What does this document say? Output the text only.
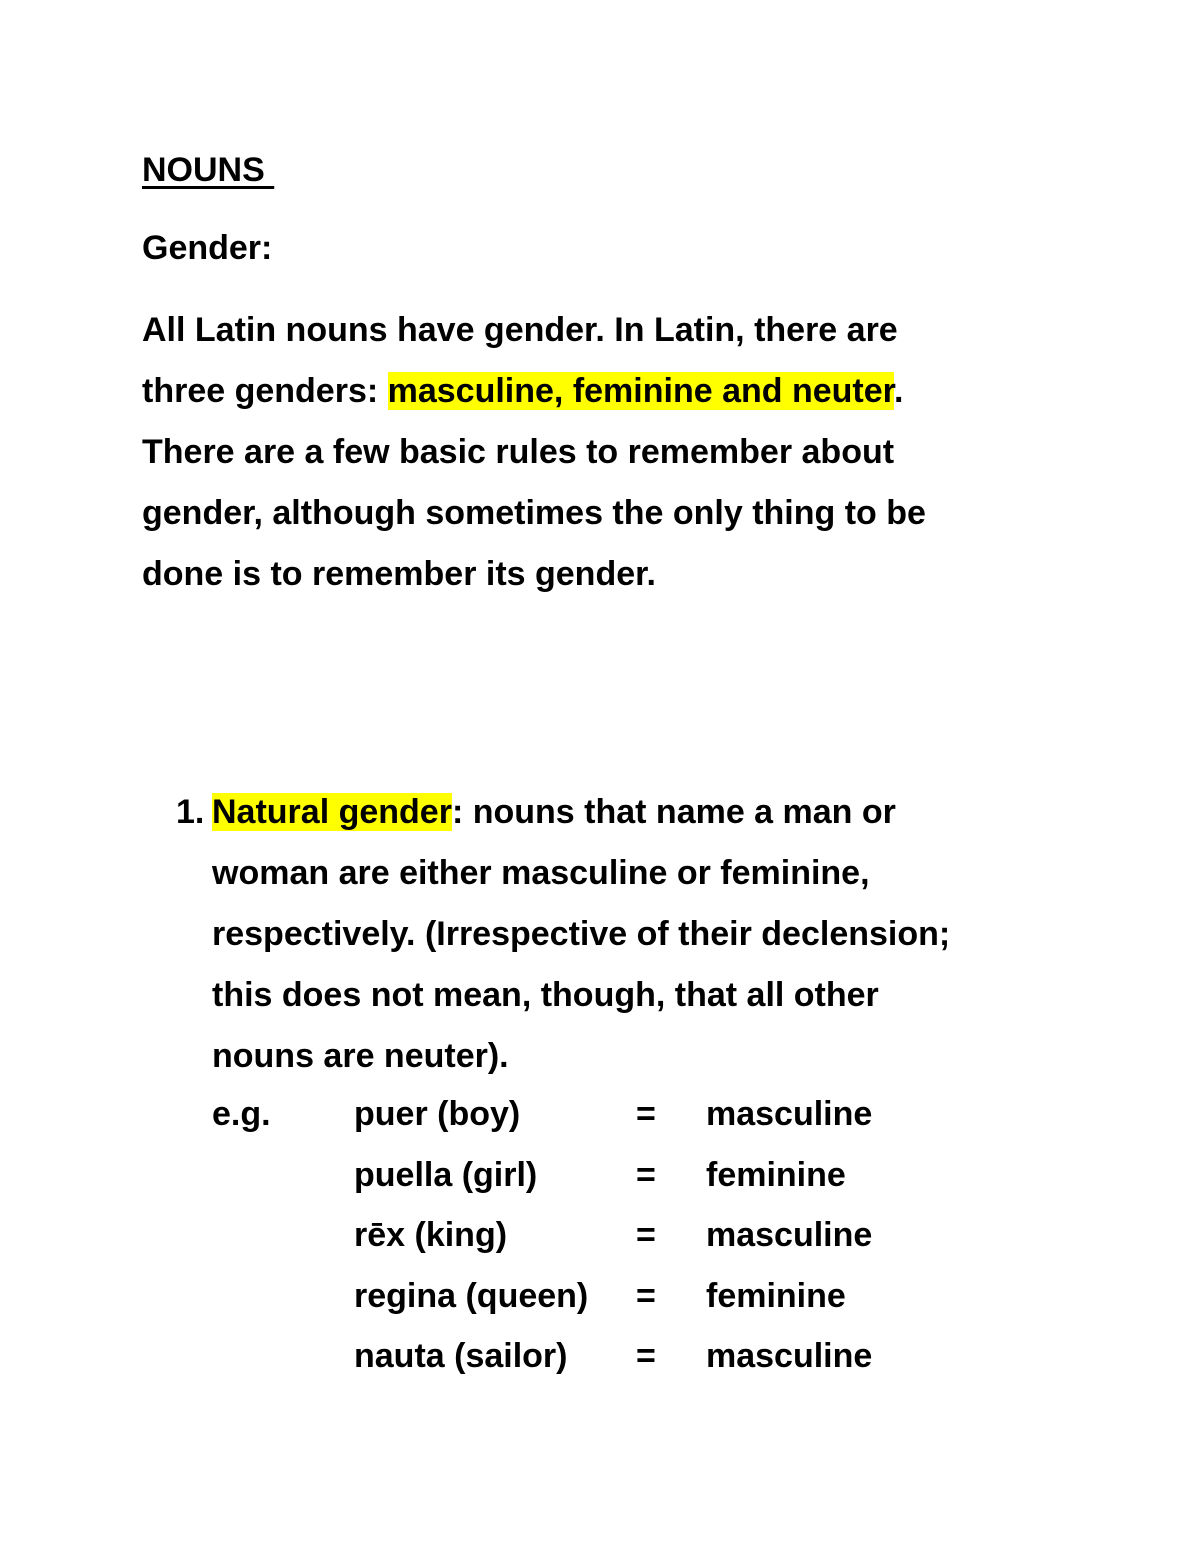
NOUNS
Gender:
All Latin nouns have gender. In Latin, there are
three genders: masculine, feminine and neuter.
There are a few basic rules to remember about
gender, although sometimes the only thing to be
done is to remember its gender.
1. Natural gender: nouns that name a man or
woman are either masculine or feminine,
respectively. (Irrespective of their declension;
this does not mean, though, that all other
nouns are neuter).
e.g. puer (boy)	= masculine
puella (girl)	= feminine
rēx (king)	= masculine
regina (queen) = feminine
nauta (sailor) = masculine
